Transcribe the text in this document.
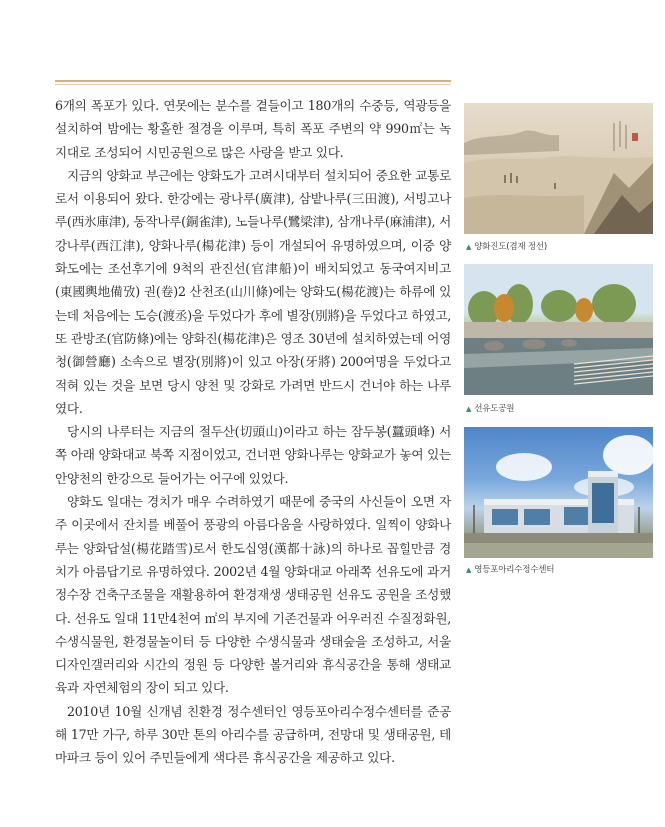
6개의 폭포가 있다. 연못에는 분수를 곁들이고 180개의 수중등, 역광등을 설치하여 밤에는 황홀한 절경을 이루며, 특히 폭포 주변의 약 990㎡는 녹지대로 조성되어 시민공원으로 많은 사랑을 받고 있다.

지금의 양화교 부근에는 양화도가 고려시대부터 설치되어 중요한 교통로로서 이용되어 왔다. 한강에는 광나루(廣津), 삼밭나루(三田渡), 서빙고나루(西氷庫津), 동작나루(銅雀津), 노들나루(鷺梁津), 삼개나루(麻浦津), 서강나루(西江津), 양화나루(楊花津) 등이 개설되어 유명하였으며, 이중 양화도에는 조선후기에 9척의 관진선(官津船)이 배치되었고 동국여지비고(東國輿地備攷) 권(卷)2 산천조(山川條)에는 양화도(楊花渡)는 하류에 있는데 처음에는 도승(渡丞)을 두었다가 후에 별장(別將)을 두었다고 하였고, 또 관방조(官防條)에는 양화진(楊花津)은 영조 30년에 설치하였는데 어영청(御營廳) 소속으로 별장(別將)이 있고 아장(牙將) 200여명을 두었다고 적혀 있는 것을 보면 당시 양천 및 강화로 가려면 반드시 건너야 하는 나루였다.

당시의 나루터는 지금의 절두산(切頭山)이라고 하는 잠두봉(蠶頭峰) 서쪽 아래 양화대교 북쪽 지점이었고, 건너편 양화나루는 양화교가 놓여 있는 안양천의 한강으로 들어가는 어구에 있었다.

양화도 일대는 경치가 매우 수려하였기 때문에 중국의 사신들이 오면 자주 이곳에서 잔치를 베풀어 풍광의 아름다움을 사랑하였다. 일찍이 양화나루는 양화답설(楊花踏雪)로서 한도십영(漢都十詠)의 하나로 꼽힐만큼 경치가 아름답기로 유명하였다. 2002년 4월 양화대교 아래쪽 선유도에 과거 정수장 건축구조물을 재활용하여 환경재생 생태공원 선유도 공원을 조성했다. 선유도 일대 11만4천여 ㎡의 부지에 기존건물과 어우러진 수질정화원, 수생식물원, 환경물놀이터 등 다양한 수생식물과 생태숲을 조성하고, 서울디자인갤러리와 시간의 정원 등 다양한 볼거리와 휴식공간을 통해 생태교육과 자연체험의 장이 되고 있다.

2010년 10월 신개념 친환경 정수센터인 영등포아리수정수센터를 준공해 17만 가구, 하루 30만 톤의 아리수를 공급하며, 전망대 및 생태공원, 테마파크 등이 있어 주민들에게 색다른 휴식공간을 제공하고 있다.

▲ 양화진도(겸재 정선)
▲ 선유도공원
▲ 영등포아리수정수센터
